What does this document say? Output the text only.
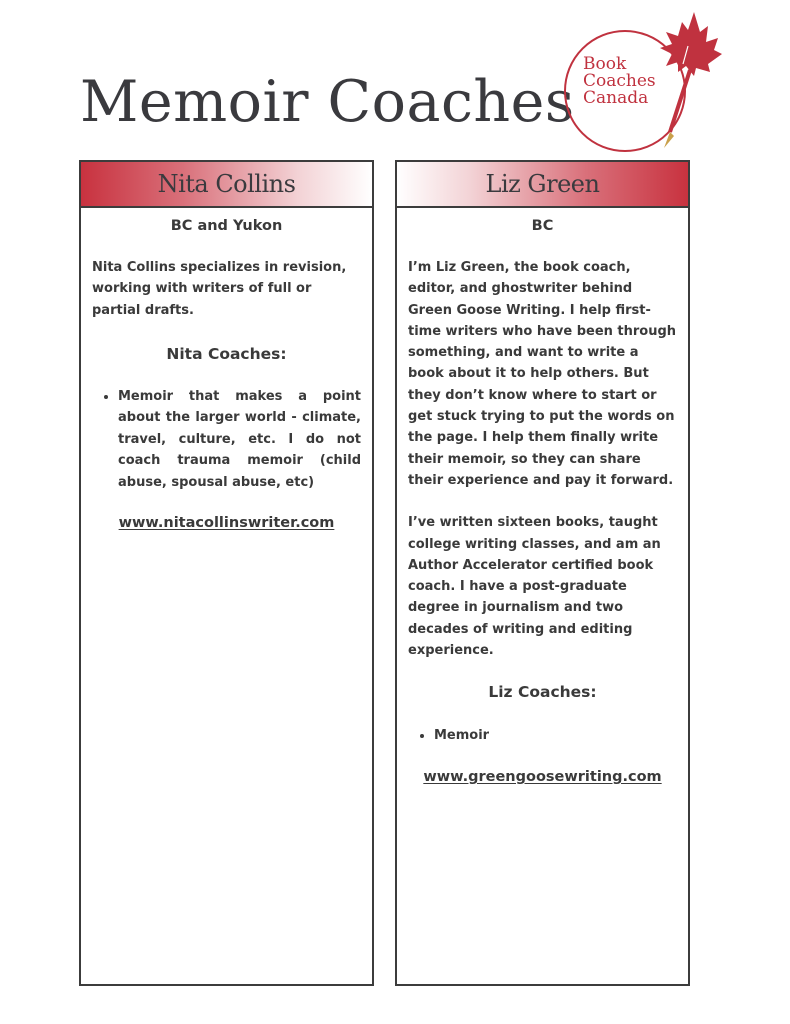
Memoir Coaches
Book
Coaches
Canada
Nita Collins
BC and Yukon

Nita Collins specializes in revision, working with writers of full or partial drafts.

Nita Coaches:
• Memoir that makes a point about the larger world - climate, travel, culture, etc. I do not coach trauma memoir (child abuse, spousal abuse, etc)
www.nitacollinswriter.com
Liz Green
BC

I’m Liz Green, the book coach, editor, and ghostwriter behind Green Goose Writing. I help first-time writers who have been through something, and want to write a book about it to help others. But they don’t know where to start or get stuck trying to put the words on the page. I help them finally write their memoir, so they can share their experience and pay it forward.

I’ve written sixteen books, taught college writing classes, and am an Author Accelerator certified book coach. I have a post-graduate degree in journalism and two decades of writing and editing experience.

Liz Coaches:
• Memoir
www.greengoosewriting.com
